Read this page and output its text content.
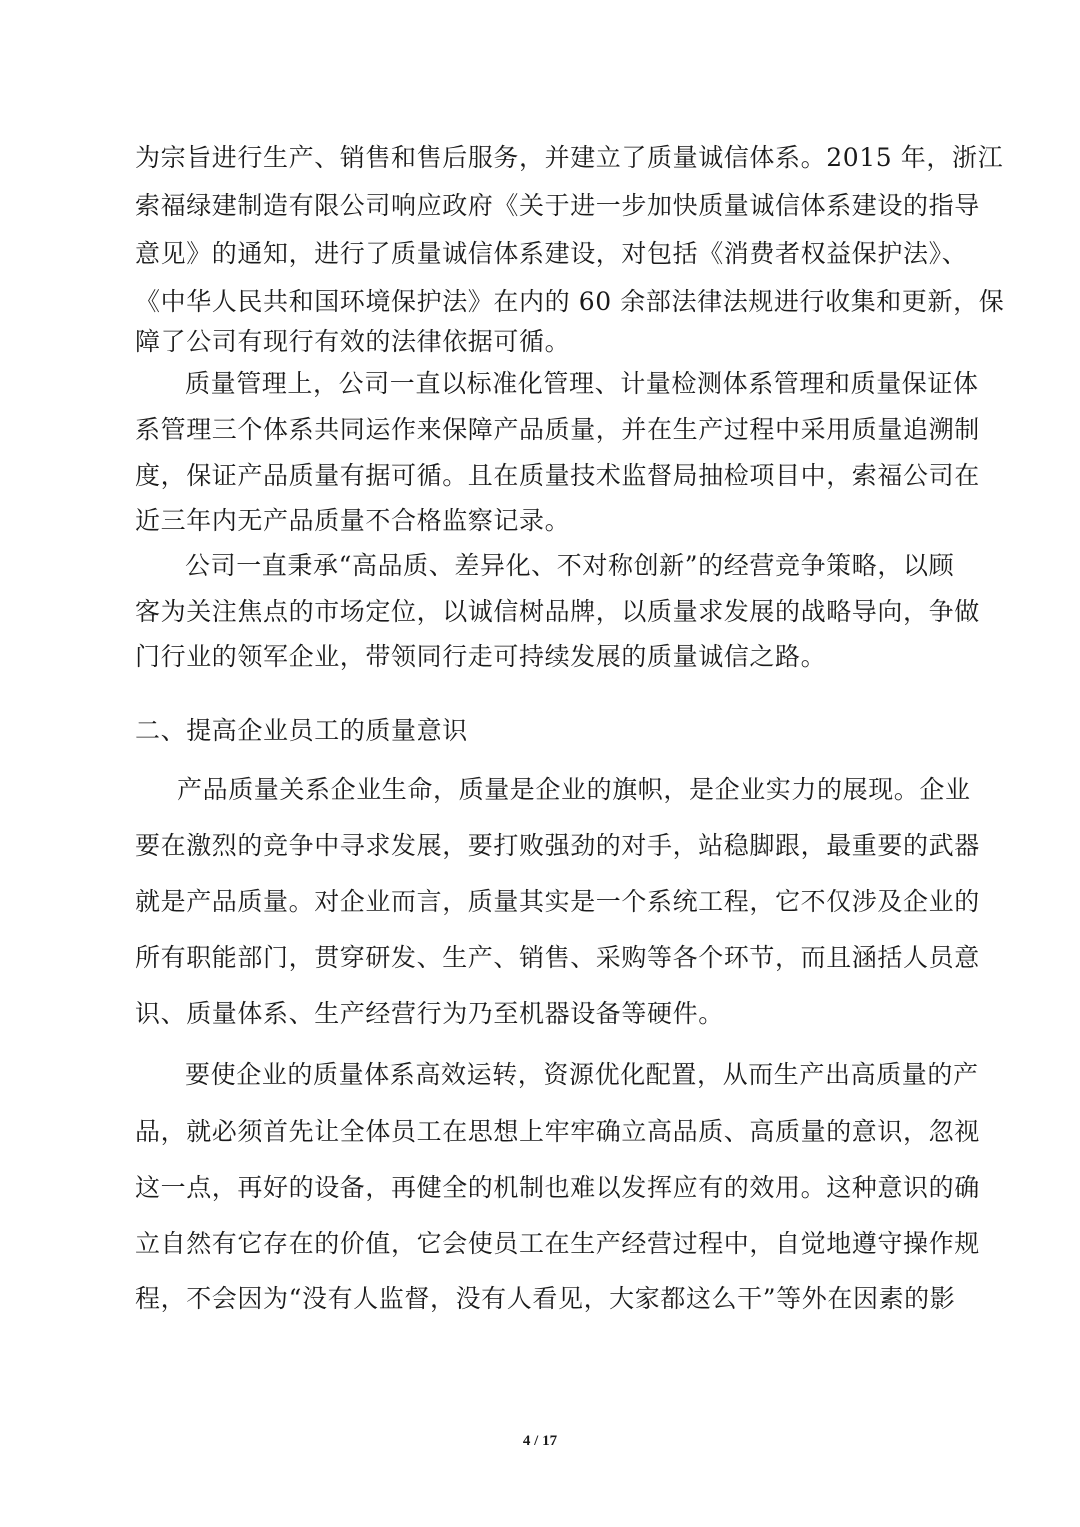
为宗旨进行生产、销售和售后服务，并建立了质量诚信体系。2015 年，浙江
索福绿建制造有限公司响应政府《关于进一步加快质量诚信体系建设的指导
意见》的通知，进行了质量诚信体系建设，对包括《消费者权益保护法》、
《中华人民共和国环境保护法》在内的 60 余部法律法规进行收集和更新，保
障了公司有现行有效的法律依据可循。
质量管理上，公司一直以标准化管理、计量检测体系管理和质量保证体
系管理三个体系共同运作来保障产品质量，并在生产过程中采用质量追溯制
度，保证产品质量有据可循。且在质量技术监督局抽检项目中，索福公司在
近三年内无产品质量不合格监察记录。
公司一直秉承“高品质、差异化、不对称创新”的经营竞争策略，以顾
客为关注焦点的市场定位，以诚信树品牌，以质量求发展的战略导向，争做
门行业的领军企业，带领同行走可持续发展的质量诚信之路。
二、提高企业员工的质量意识
产品质量关系企业生命，质量是企业的旗帜，是企业实力的展现。企业
要在激烈的竞争中寻求发展，要打败强劲的对手，站稳脚跟，最重要的武器
就是产品质量。对企业而言，质量其实是一个系统工程，它不仅涉及企业的
所有职能部门，贯穿研发、生产、销售、采购等各个环节，而且涵括人员意
识、质量体系、生产经营行为乃至机器设备等硬件。
要使企业的质量体系高效运转，资源优化配置，从而生产出高质量的产
品，就必须首先让全体员工在思想上牢牢确立高品质、高质量的意识，忽视
这一点，再好的设备，再健全的机制也难以发挥应有的效用。这种意识的确
立自然有它存在的价值，它会使员工在生产经营过程中，自觉地遵守操作规
程，不会因为“没有人监督，没有人看见，大家都这么干”等外在因素的影
4 / 17
